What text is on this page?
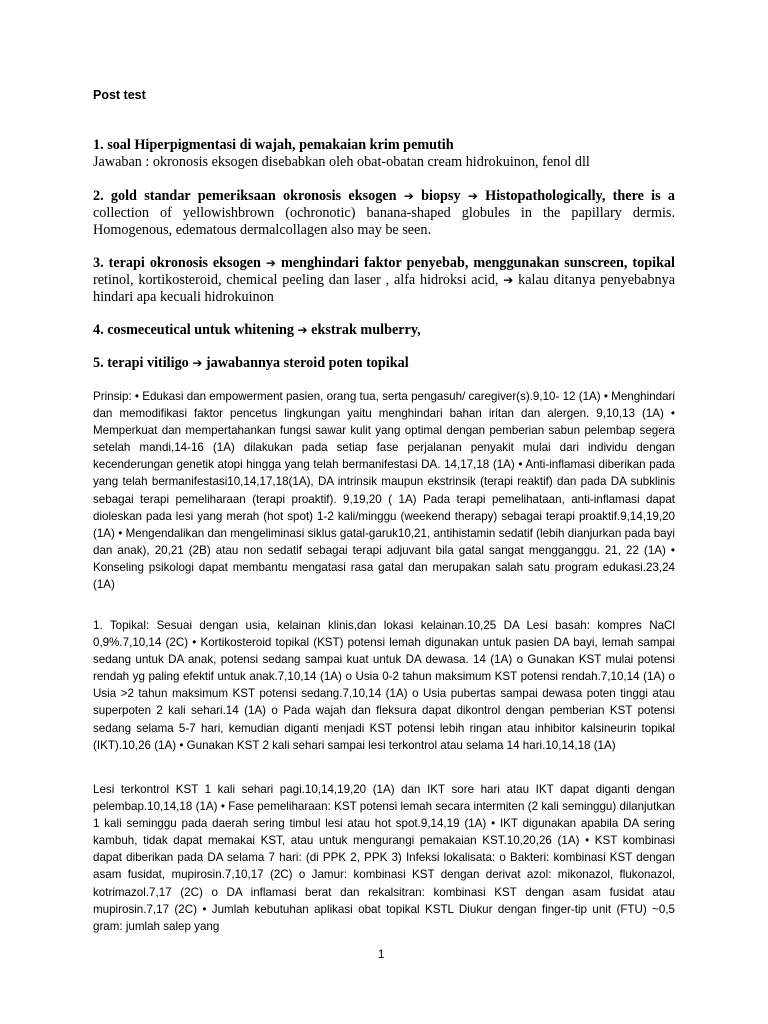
Post test
1. soal Hiperpigmentasi di wajah, pemakaian krim pemutih
Jawaban : okronosis eksogen disebabkan oleh obat-obatan cream hidrokuinon, fenol dll
2. gold standar pemeriksaan okronosis eksogen ➔ biopsy ➔ Histopathologically, there is a collection of yellowishbrown (ochronotic) banana-shaped globules in the papillary dermis. Homogenous, edematous dermalcollagen also may be seen.
3. terapi okronosis eksogen ➔ menghindari faktor penyebab, menggunakan sunscreen, topikal retinol, kortikosteroid, chemical peeling dan laser , alfa hidroksi acid, ➔ kalau ditanya penyebabnya hindari apa kecuali hidrokuinon
4. cosmeceutical untuk whitening ➔ ekstrak mulberry,
5. terapi vitiligo ➔ jawabannya steroid poten topikal
Prinsip: • Edukasi dan empowerment pasien, orang tua, serta pengasuh/ caregiver(s).9,10- 12 (1A) • Menghindari dan memodifikasi faktor pencetus lingkungan yaitu menghindari bahan iritan dan alergen. 9,10,13 (1A) • Memperkuat dan mempertahankan fungsi sawar kulit yang optimal dengan pemberian sabun pelembap segera setelah mandi,14-16 (1A) dilakukan pada setiap fase perjalanan penyakit mulai dari individu dengan kecenderungan genetik atopi hingga yang telah bermanifestasi DA. 14,17,18 (1A) • Anti-inflamasi diberikan pada yang telah bermanifestasi10,14,17,18(1A), DA intrinsik maupun ekstrinsik (terapi reaktif) dan pada DA subklinis sebagai terapi pemeliharaan (terapi proaktif). 9,19,20 ( 1A) Pada terapi pemelihataan, anti-inflamasi dapat dioleskan pada lesi yang merah (hot spot) 1-2 kali/minggu (weekend therapy) sebagai terapi proaktif.9,14,19,20 (1A) • Mengendalikan dan mengeliminasi siklus gatal-garuk10,21, antihistamin sedatif (lebih dianjurkan pada bayi dan anak), 20,21 (2B) atau non sedatif sebagai terapi adjuvant bila gatal sangat mengganggu. 21, 22 (1A) • Konseling psikologi dapat membantu mengatasi rasa gatal dan merupakan salah satu program edukasi.23,24 (1A)
1. Topikal: Sesuai dengan usia, kelainan klinis,dan lokasi kelainan.10,25 DA Lesi basah: kompres NaCl 0,9%.7,10,14 (2C) • Kortikosteroid topikal (KST) potensi lemah digunakan untuk pasien DA bayi, lemah sampai sedang untuk DA anak, potensi sedang sampai kuat untuk DA dewasa. 14 (1A) o Gunakan KST mulai potensi rendah yg paling efektif untuk anak.7,10,14 (1A) o Usia 0-2 tahun maksimum KST potensi rendah.7,10,14 (1A) o Usia >2 tahun maksimum KST potensi sedang.7,10,14 (1A) o Usia pubertas sampai dewasa poten tinggi atau superpoten 2 kali sehari.14 (1A) o Pada wajah dan fleksura dapat dikontrol dengan pemberian KST potensi sedang selama 5-7 hari, kemudian diganti menjadi KST potensi lebih ringan atau inhibitor kalsineurin topikal (IKT).10,26 (1A) • Gunakan KST 2 kali sehari sampai lesi terkontrol atau selama 14 hari.10,14,18 (1A)
Lesi terkontrol KST 1 kali sehari pagi.10,14,19,20 (1A) dan IKT sore hari atau IKT dapat diganti dengan pelembap.10,14,18 (1A) • Fase pemeliharaan: KST potensi lemah secara intermiten (2 kali seminggu) dilanjutkan 1 kali seminggu pada daerah sering timbul lesi atau hot spot.9,14,19 (1A) • IKT digunakan apabila DA sering kambuh, tidak dapat memakai KST, atau untuk mengurangi pemakaian KST.10,20,26 (1A) • KST kombinasi dapat diberikan pada DA selama 7 hari: (di PPK 2, PPK 3) Infeksi lokalisata: o Bakteri: kombinasi KST dengan asam fusidat, mupirosin.7,10,17 (2C) o Jamur: kombinasi KST dengan derivat azol: mikonazol, flukonazol, kotrimazol.7,17 (2C) o DA inflamasi berat dan rekalsitran: kombinasi KST dengan asam fusidat atau mupirosin.7,17 (2C) • Jumlah kebutuhan aplikasi obat topikal KSTL Diukur dengan finger-tip unit (FTU) ~0,5 gram: jumlah salep yang
1
